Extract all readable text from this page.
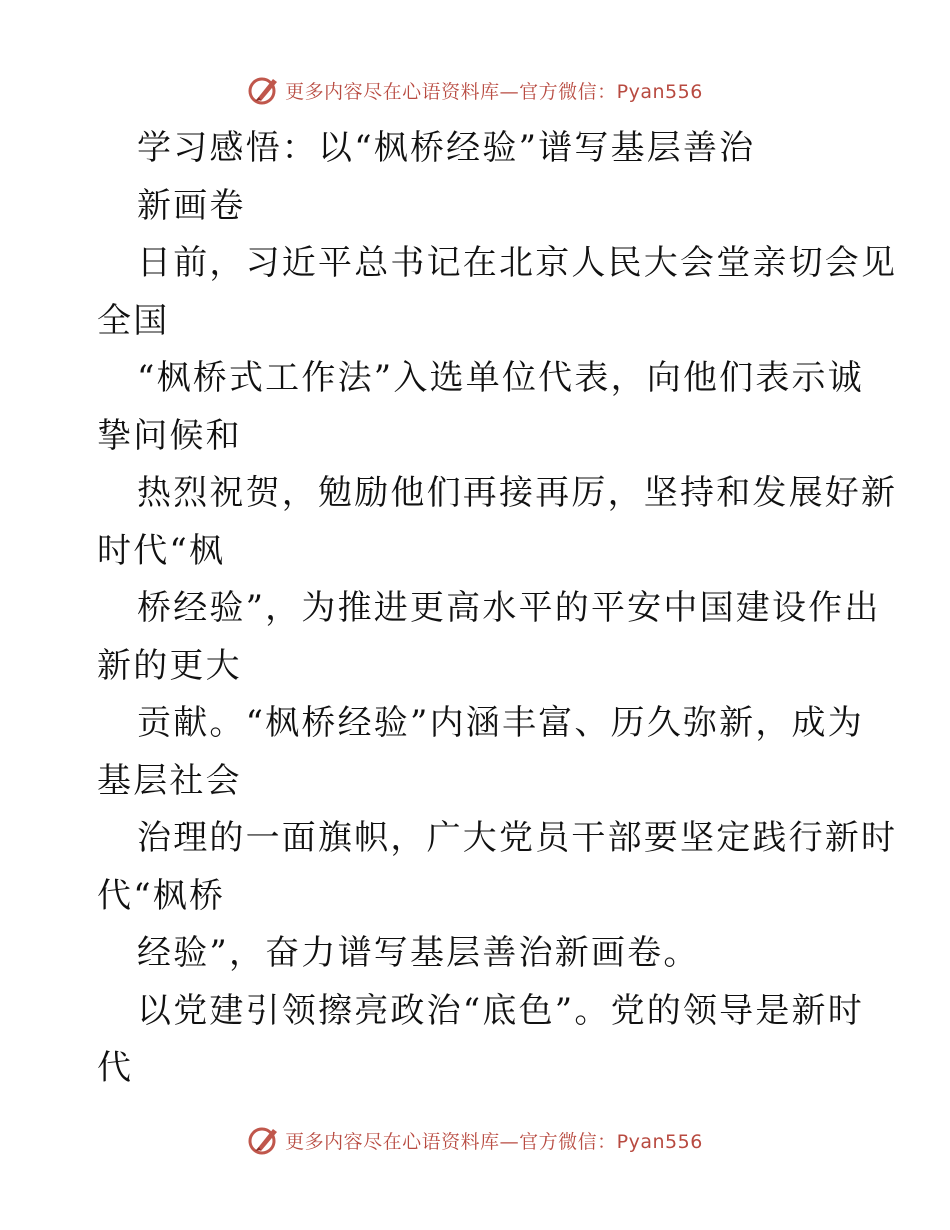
更多内容尽在心语资料库—官方微信：Pyan556
学习感悟：以“枫桥经验”谱写基层善治
新画卷
日前，习近平总书记在北京人民大会堂亲切会见
全国
“枫桥式工作法”入选单位代表，向他们表示诚
挚问候和
热烈祝贺，勉励他们再接再厉，坚持和发展好新
时代“枫
桥经验”，为推进更高水平的平安中国建设作出
新的更大
贡献。“枫桥经验”内涵丰富、历久弥新，成为
基层社会
治理的一面旗帜，广大党员干部要坚定践行新时
代“枫桥
经验”，奋力谱写基层善治新画卷。
以党建引领擦亮政治“底色”。党的领导是新时
代
更多内容尽在心语资料库—官方微信：Pyan556
